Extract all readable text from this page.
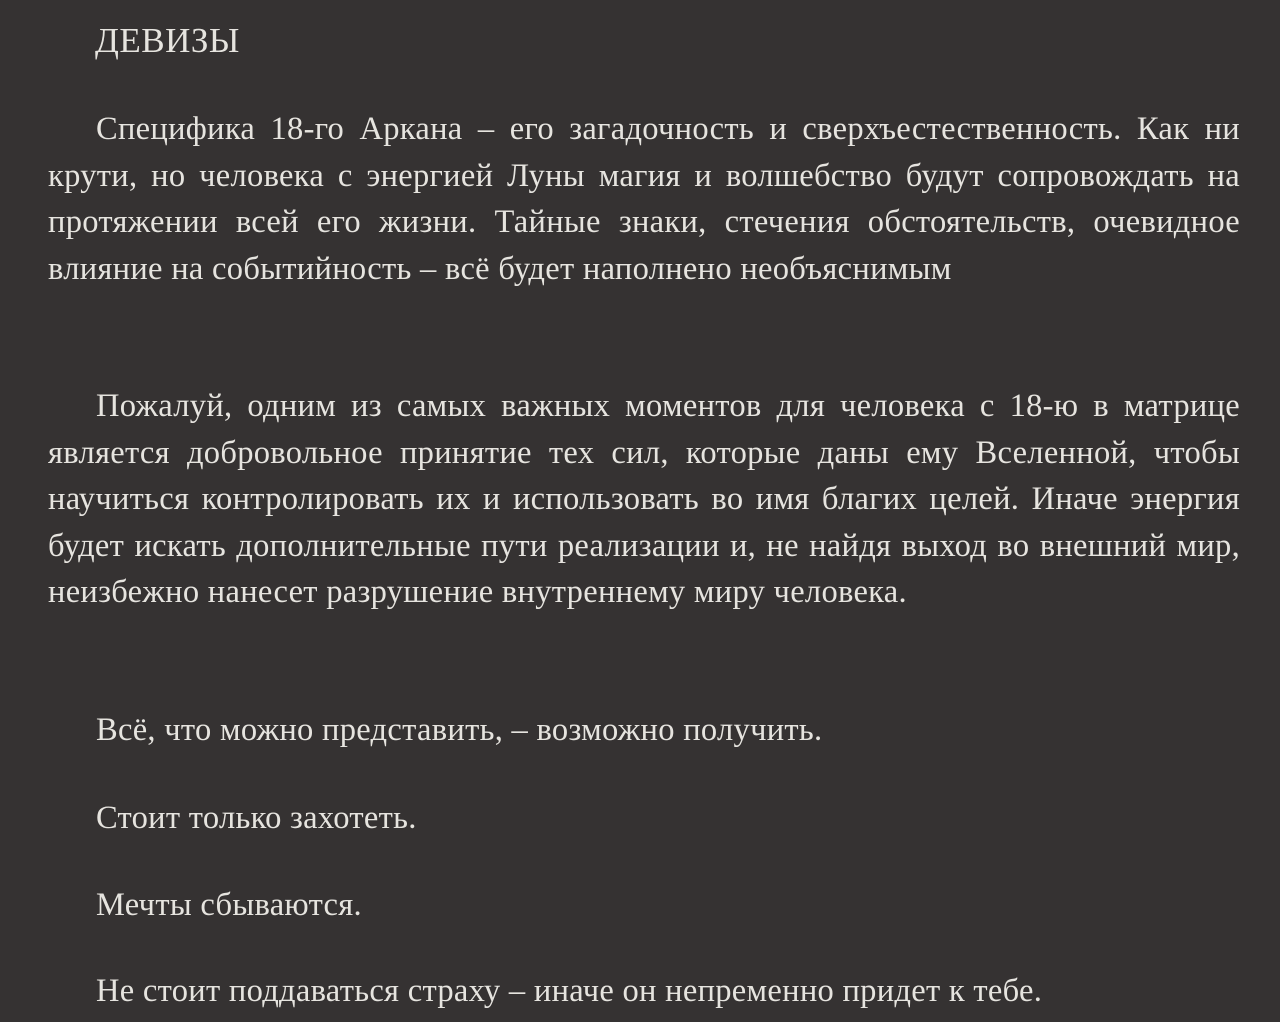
ДЕВИЗЫ

Специфика 18-го Аркана – его загадочность и сверхъестественность. Как ни крути, но человека с энергией Луны магия и волшебство будут сопровождать на протяжении всей его жизни. Тайные знаки, стечения обстоятельств, очевидное влияние на событийность – всё будет наполнено необъяснимым

Пожалуй, одним из самых важных моментов для человека с 18-ю в матрице является добровольное принятие тех сил, которые даны ему Вселенной, чтобы научиться контролировать их и использовать во имя благих целей. Иначе энергия будет искать дополнительные пути реализации и, не найдя выход во внешний мир, неизбежно нанесет разрушение внутреннему миру человека.

Всё, что можно представить, – возможно получить.

Стоит только захотеть.

Мечты сбываются.

Не стоит поддаваться страху – иначе он непременно придет к тебе.
